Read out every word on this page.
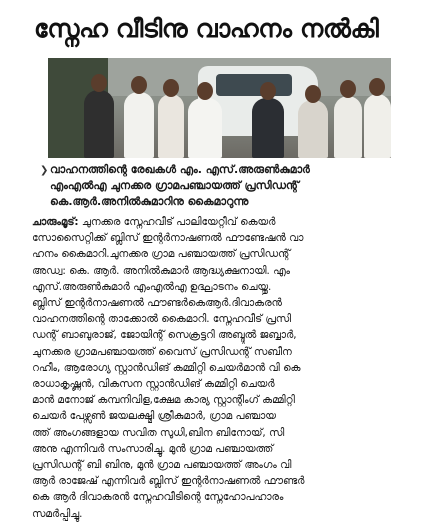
സ്നേഹ വീടിനു വാഹനം നൽകി
❯ വാഹനത്തിന്റെ രേഖകൾ എം. എസ്.അരുൺകുമാർ
എംഎൽഎ ചുനക്കര ഗ്രാമപഞ്ചായത്ത് പ്രസിഡന്റ്
കെ.ആർ.അനിൽകുമാറിനു കൈമാറുന്നു
ചാരുംമൂട്: ചുനക്കര സ്നേഹവീട് പാലിയേറ്റീവ് കെയർ
സോസൈറ്റിക്ക് ബ്ലിസ് ഇന്റർനാഷണൽ ഫൗണ്ടേഷൻ വാ
ഹനം കൈമാറി.ചുനക്കര ഗ്രാമ പഞ്ചായത്ത് പ്രസിഡന്റ്
അഡ്വ: കെ. ആർ. അനിൽകുമാർ ആദ്ധ്യക്ഷനായി. എം
എസ്.അരുൺകുമാർ എംഎൽഎ ഉദ്ഘാടനം ചെയ്തു.
ബ്ലിസ് ഇന്റർനാഷണൽ ഫൗണ്ടർകെആർ.ദിവാകരൻ
വാഹനത്തിന്റെ താക്കോൽ കൈമാറി. സ്നേഹവീട് പ്രസി
ഡന്റ് ബാബുരാജ്, ജോയിന്റ് സെക്രട്ടറി അബ്ദുൽ ജബ്ബാർ,
ചുനക്കര ഗ്രാമപഞ്ചായത്ത് വൈസ് പ്രസിഡന്റ് സബീന
റഹീം, ആരോഗ്യ സ്റ്റാൻഡിങ് കമ്മിറ്റി ചെയർമാൻ വി കെ
രാധാകൃഷ്ണൻ, വികസന സ്റ്റാൻഡിങ് കമ്മിറ്റി ചെയർ
മാൻ മനോജ് കമ്പനിവിള,ക്ഷേമ കാര്യ സ്റ്റാന്റിംഗ് കമ്മിറ്റി
ചെയർ പേഴ്സൺ ജയലക്ഷ്മി ശ്രീകുമാർ, ഗ്രാമ പഞ്ചായ
ത്ത് അംഗങ്ങളായ സവിത സുധി,ബിന ബിനോയ്, സി
അനു എന്നിവർ സംസാരിച്ചു. മുൻ ഗ്രാമ പഞ്ചായത്ത്
പ്രസിഡന്റ് ബി ബിനു, മുൻ ഗ്രാമ പഞ്ചായത്ത് അംഗം വി
ആർ രാജേഷ് എന്നിവർ ബ്ലിസ് ഇന്റർനാഷണൽ ഫൗണ്ടർ
കെ ആർ ദിവാകരൻ സ്നേഹവീടിന്റെ സ്നേഹോപഹാരം
സമർപ്പിച്ചു.
